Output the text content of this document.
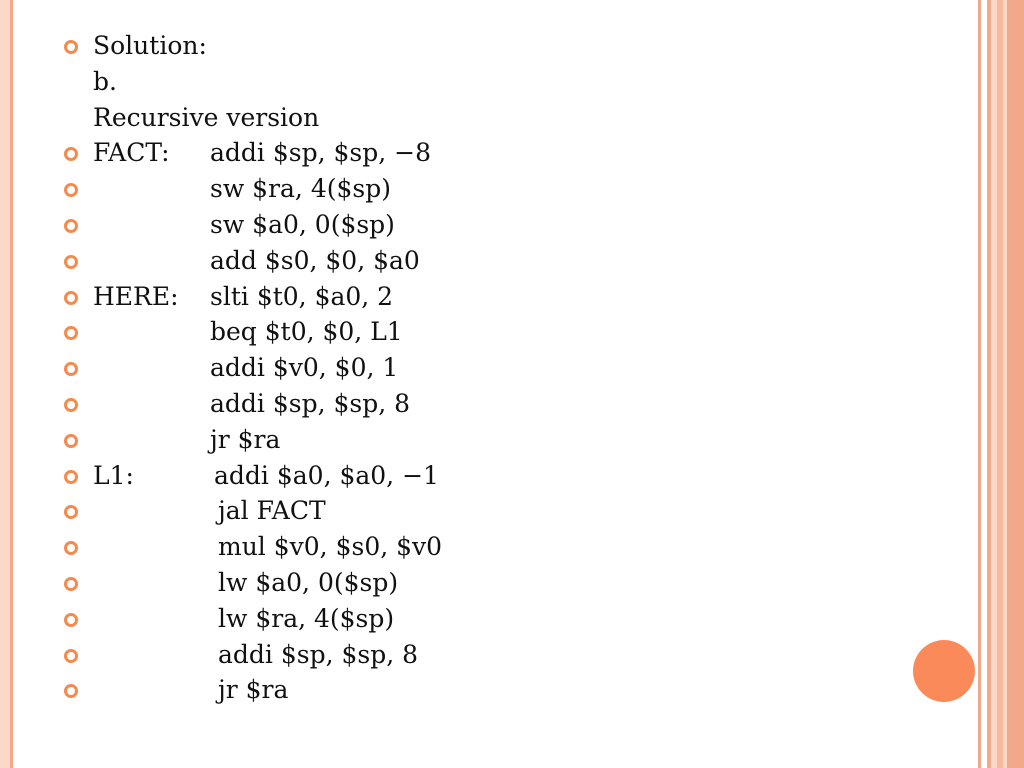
Solution:
b.
Recursive version
FACT: addi $sp, $sp, −8
sw $ra, 4($sp)
sw $a0, 0($sp)
add $s0, $0, $a0
HERE: slti $t0, $a0, 2
beq $t0, $0, L1
addi $v0, $0, 1
addi $sp, $sp, 8
jr $ra
L1:	addi $a0, $a0, −1
jal FACT
mul $v0, $s0, $v0
lw $a0, 0($sp)
lw $ra, 4($sp)
addi $sp, $sp, 8
jr $ra
